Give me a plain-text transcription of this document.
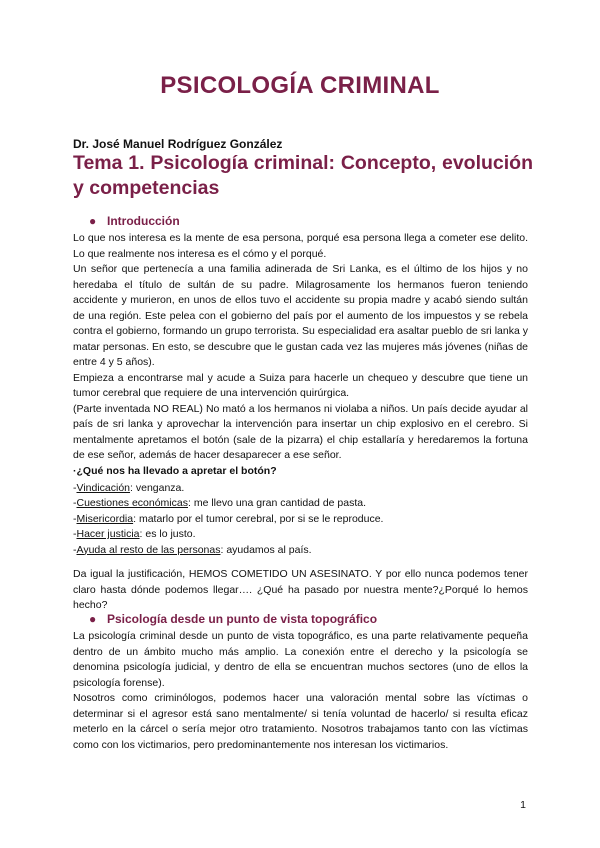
PSICOLOGÍA CRIMINAL
Dr. José Manuel Rodríguez González
Tema 1. Psicología criminal: Concepto, evolución y competencias
● Introducción

Lo que nos interesa es la mente de esa persona, porqué esa persona llega a cometer ese delito. Lo que realmente nos interesa es el cómo y el porqué.

Un señor que pertenecía a una familia adinerada de Sri Lanka, es el último de los hijos y no heredaba el título de sultán de su padre. Milagrosamente los hermanos fueron teniendo accidente y murieron, en unos de ellos tuvo el accidente su propia madre y acabó siendo sultán de una región. Este pelea con el gobierno del país por el aumento de los impuestos y se rebela contra el gobierno, formando un grupo terrorista. Su especialidad era asaltar pueblo de sri lanka y matar personas. En esto, se descubre que le gustan cada vez las mujeres más jóvenes (niñas de entre 4 y 5 años).

Empieza a encontrarse mal y acude a Suiza para hacerle un chequeo y descubre que tiene un tumor cerebral que requiere de una intervención quirúrgica.

(Parte inventada NO REAL) No mató a los hermanos ni violaba a niños. Un país decide ayudar al país de sri lanka y aprovechar la intervención para insertar un chip explosivo en el cerebro. Si mentalmente apretamos el botón (sale de la pizarra) el chip estallaría y heredaremos la fortuna de ese señor, además de hacer desaparecer a ese señor.

·¿Qué nos ha llevado a apretar el botón?
-Vindicación: venganza.
-Cuestiones económicas: me llevo una gran cantidad de pasta.
-Misericordia: matarlo por el tumor cerebral, por si se le reproduce.
-Hacer justicia: es lo justo.
-Ayuda al resto de las personas: ayudamos al país.

Da igual la justificación, HEMOS COMETIDO UN ASESINATO. Y por ello nunca podemos tener claro hasta dónde podemos llegar…. ¿Qué ha pasado por nuestra mente?¿Porqué lo hemos hecho?

● Psicología desde un punto de vista topográfico

La psicología criminal desde un punto de vista topográfico, es una parte relativamente pequeña dentro de un ámbito mucho más amplio. La conexión entre el derecho y la psicología se denomina psicología judicial, y dentro de ella se encuentran muchos sectores (uno de ellos la psicología forense).

Nosotros como criminólogos, podemos hacer una valoración mental sobre las víctimas o determinar si el agresor está sano mentalmente/ si tenía voluntad de hacerlo/ si resulta eficaz meterlo en la cárcel o sería mejor otro tratamiento. Nosotros trabajamos tanto con las víctimas como con los victimarios, pero predominantemente nos interesan los victimarios.

1
